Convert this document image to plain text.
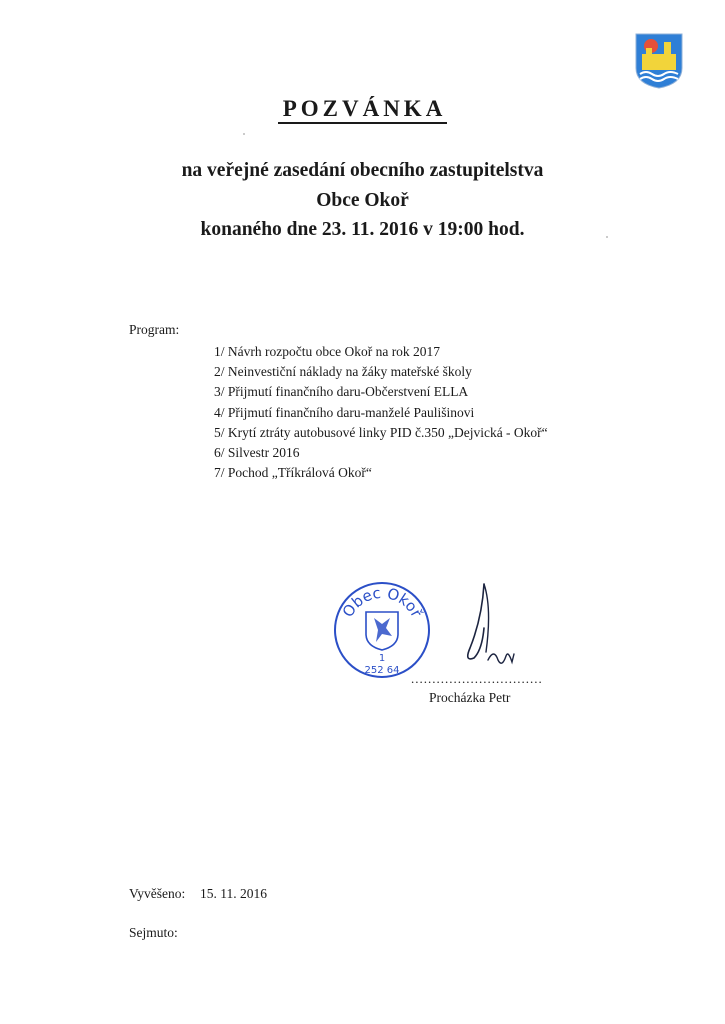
POZVÁNKA
na veřejné zasedání obecního zastupitelstva
Obce Okoř
konaného dne 23. 11. 2016 v 19:00 hod.
Program:
1/ Návrh rozpočtu obce Okoř na rok 2017
2/ Neinvestiční náklady na žáky mateřské školy
3/ Přijmutí finančního daru-Občerstvení ELLA
4/ Přijmutí finančního daru-manželé Paulišinovi
5/ Krytí ztráty autobusové linky PID č.350 „Dejvická - Okoř“
6/ Silvestr 2016
7/ Pochod „Tříkrálová Okoř“
Obec Okoř
1
252 64
...............................
Procházka Petr
Vyvěšeno: 15. 11. 2016
Sejmuto:
